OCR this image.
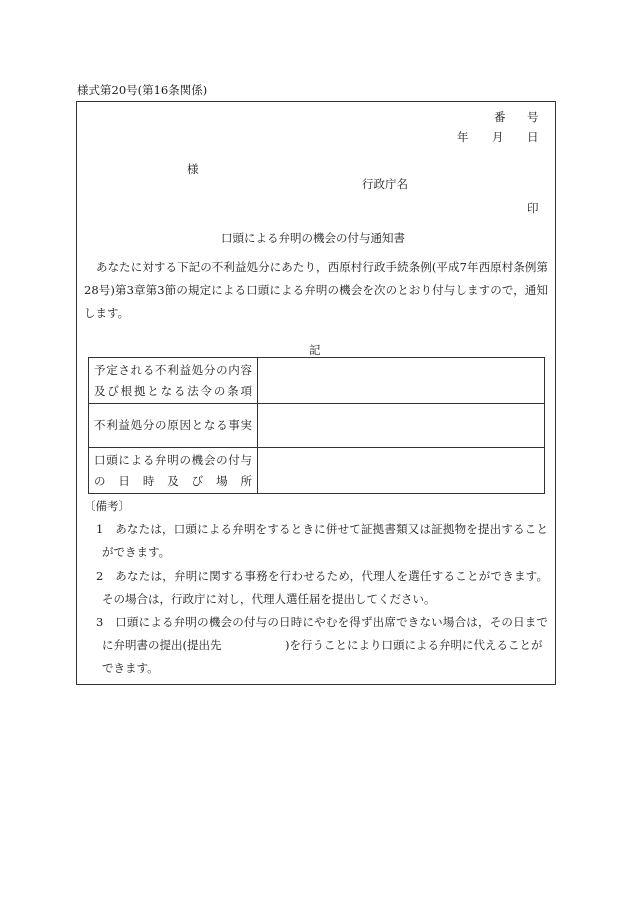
様式第20号(第16条関係)
番 号
年 月 日
様
行政庁名
印
口頭による弁明の機会の付与通知書
あなたに対する下記の不利益処分にあたり，西原村行政手続条例(平成7年西原村条例第
28号)第3章第3節の規定による口頭による弁明の機会を次のとおり付与しますので，通知
します。
記
予定される不利益処分の内容
及び根拠となる法令の条項	

不利益処分の原因となる事実	

口頭による弁明の機会の付与
の　日　時　及　び　場　所	

〔備考〕
1　あなたは，口頭による弁明をするときに併せて証拠書類又は証拠物を提出すること
ができます。
2　あなたは，弁明に関する事務を行わせるため，代理人を選任することができます。
その場合は，行政庁に対し，代理人選任届を提出してください。
3　口頭による弁明の機会の付与の日時にやむを得ず出席できない場合は，その日まで
に弁明書の提出(提出先	)を行うことにより口頭による弁明に代えることが
できます。
